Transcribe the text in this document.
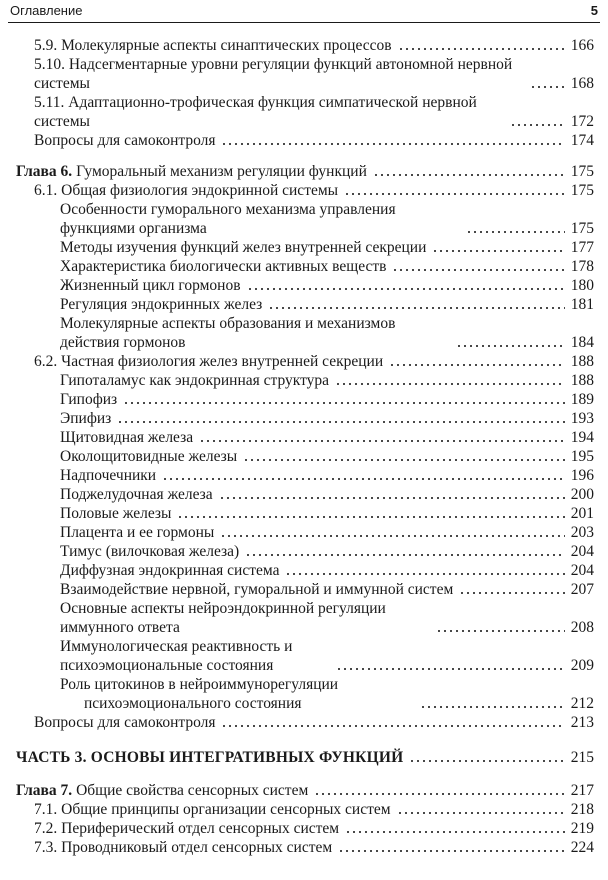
Оглавление	5
5.9. Молекулярные аспекты синаптических процессов	166
5.10. Надсегментарные уровни регуляции функций автономной нервной системы	168
5.11. Адаптационно-трофическая функция симпатической нервной системы	172
Вопросы для самоконтроля	174
Глава 6. Гуморальный механизм регуляции функций	175
6.1. Общая физиология эндокринной системы	175
Особенности гуморального механизма управления функциями организма	175
Методы изучения функций желез внутренней секреции	177
Характеристика биологически активных веществ	178
Жизненный цикл гормонов	180
Регуляция эндокринных желез	181
Молекулярные аспекты образования и механизмов действия гормонов	184
6.2. Частная физиология желез внутренней секреции	188
Гипоталамус как эндокринная структура	188
Гипофиз	189
Эпифиз	193
Щитовидная железа	194
Околощитовидные железы	195
Надпочечники	196
Поджелудочная железа	200
Половые железы	201
Плацента и ее гормоны	203
Тимус (вилочковая железа)	204
Диффузная эндокринная система	204
Взаимодействие нервной, гуморальной и иммунной систем	207
Основные аспекты нейроэндокринной регуляции иммунного ответа	208
Иммунологическая реактивность и психоэмоциональные состояния	209
Роль цитокинов в нейроиммунорегуляции психоэмоционального состояния	212
Вопросы для самоконтроля	213
ЧАСТЬ 3. ОСНОВЫ ИНТЕГРАТИВНЫХ ФУНКЦИЙ	215
Глава 7. Общие свойства сенсорных систем	217
7.1. Общие принципы организации сенсорных систем	218
7.2. Периферический отдел сенсорных систем	219
7.3. Проводниковый отдел сенсорных систем	224
